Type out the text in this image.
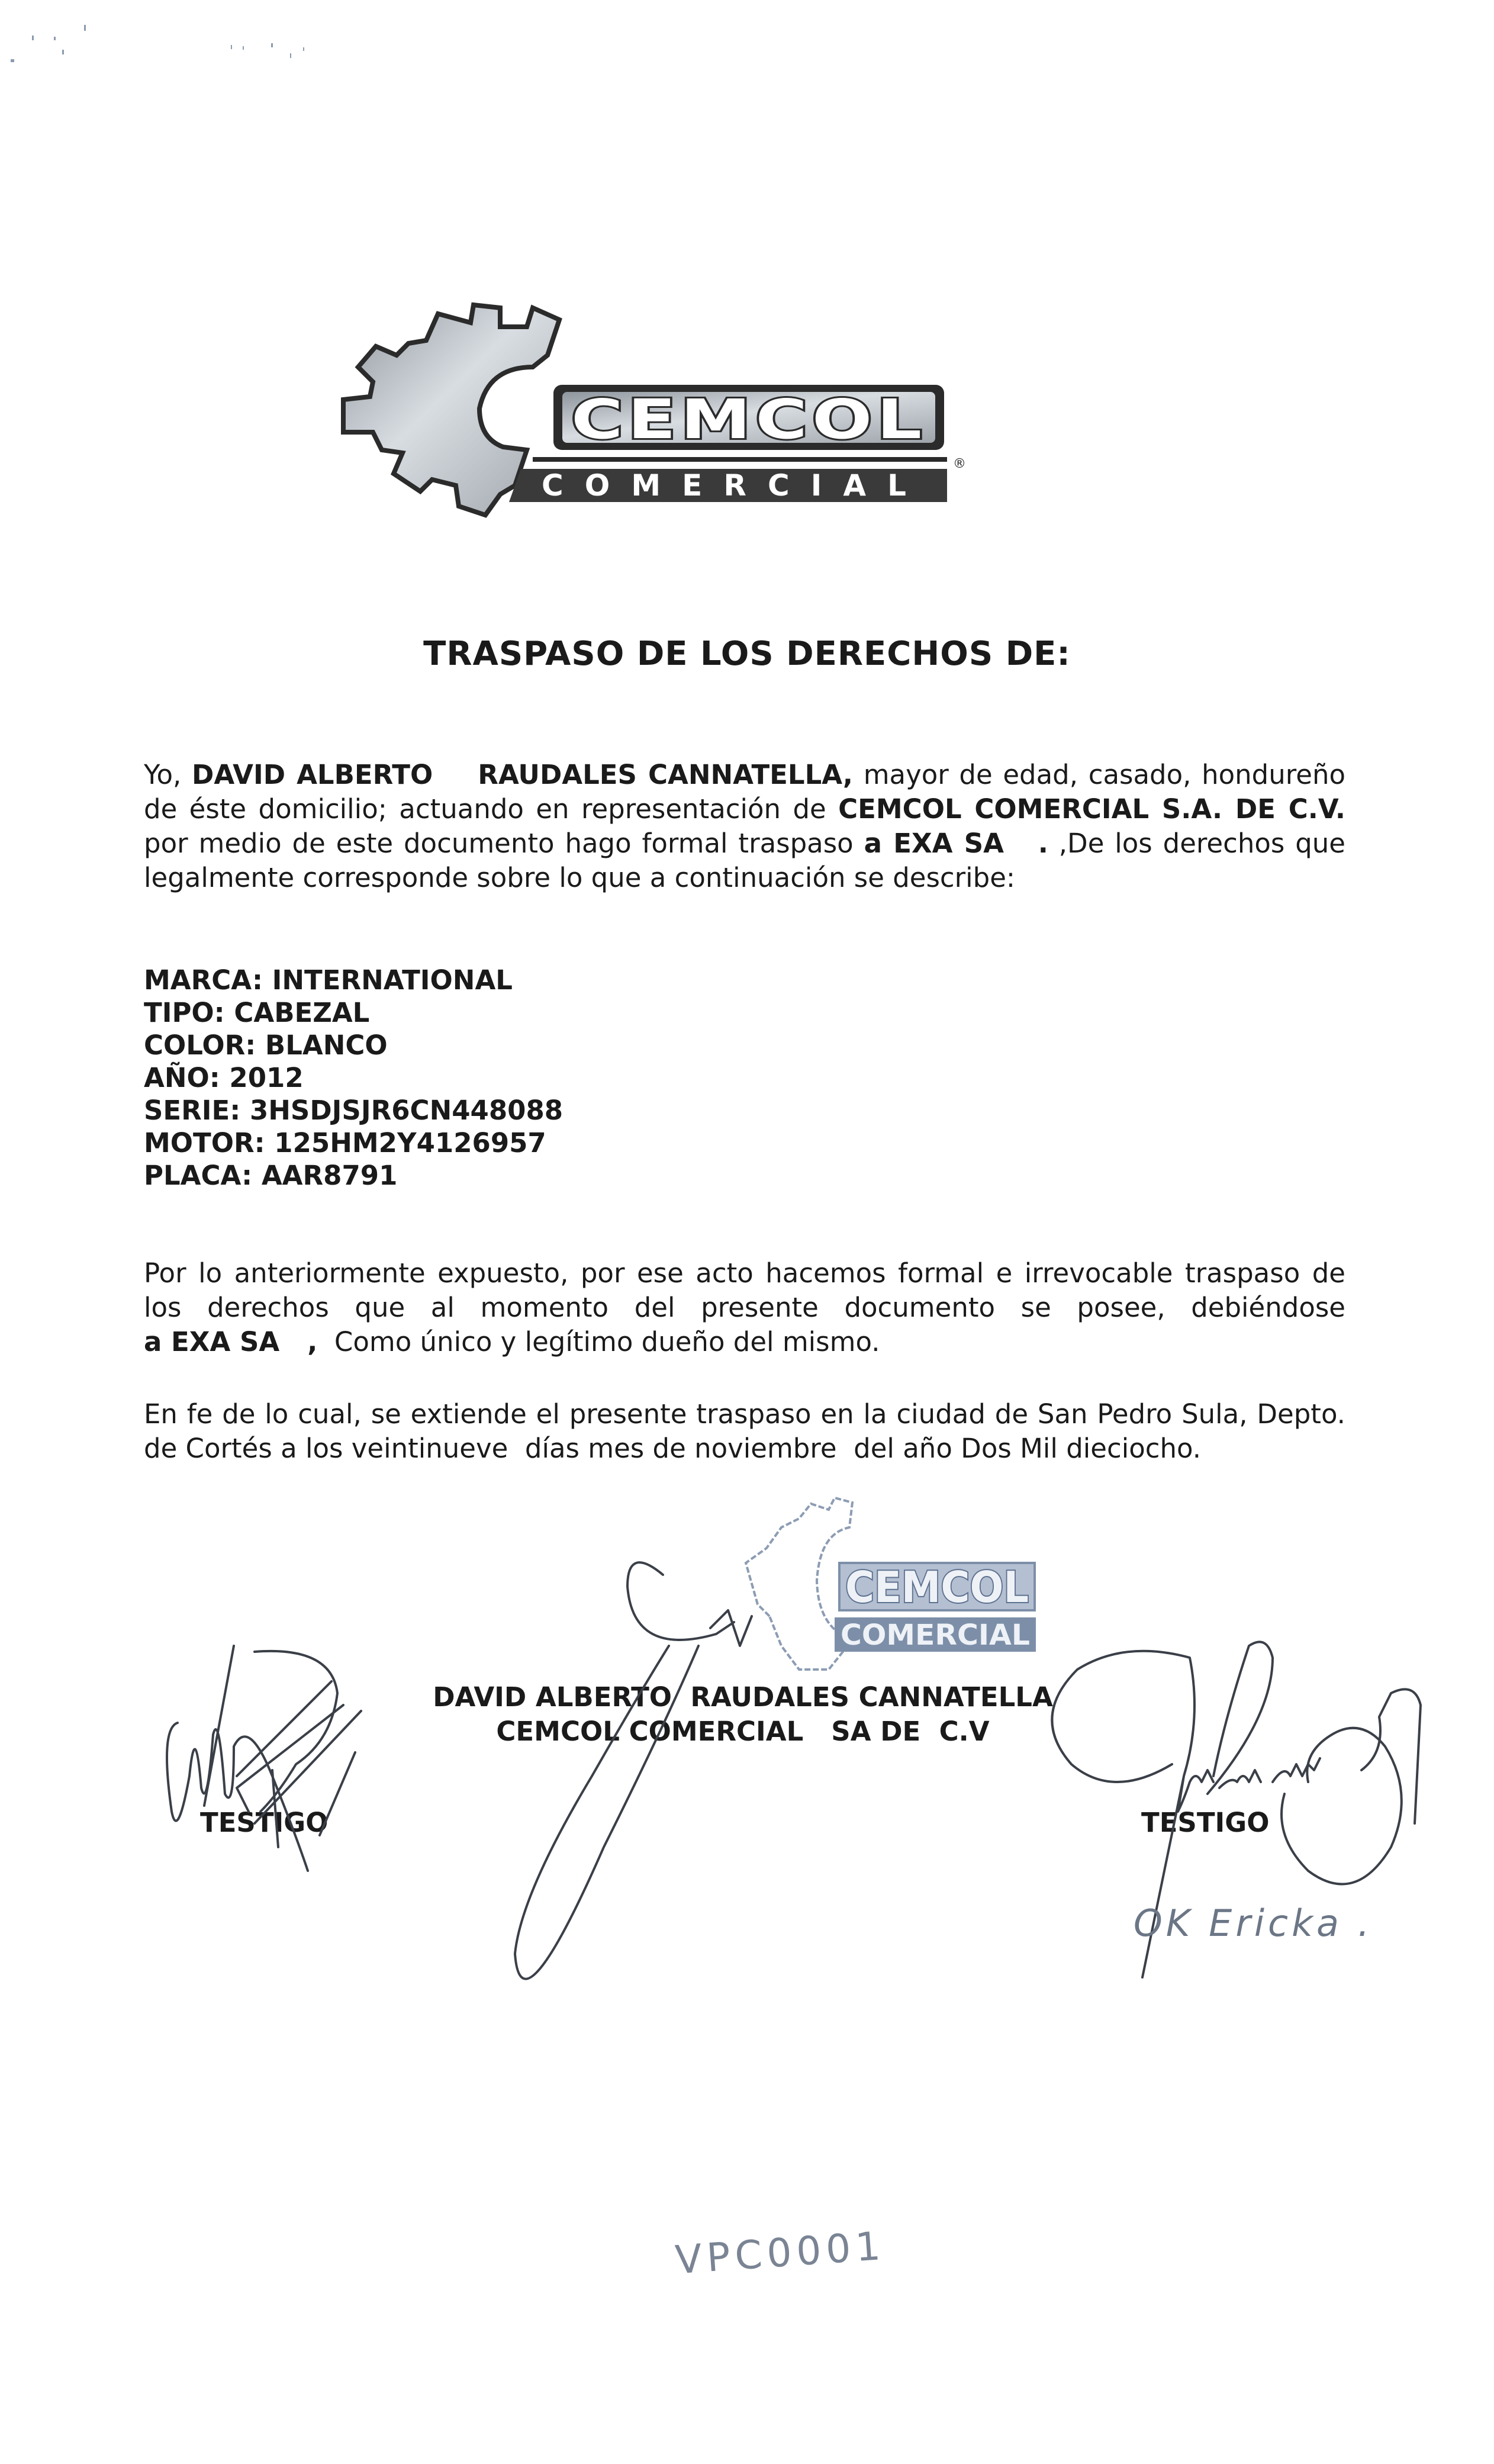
CEMCOL
COMERCIAL
®
TRASPASO DE LOS DERECHOS DE:
Yo, DAVID ALBERTO    RAUDALES CANNATELLA, mayor de edad, casado, hondureño de éste domicilio; actuando en representación de CEMCOL COMERCIAL S.A. DE C.V. por medio de este documento hago formal traspaso a EXA SA   . ,De los derechos que legalmente corresponde sobre lo que a continuación se describe:
MARCA: INTERNATIONAL
TIPO: CABEZAL
COLOR: BLANCO
AÑO: 2012
SERIE: 3HSDJSJR6CN448088
MOTOR: 125HM2Y4126957
PLACA: AAR8791
Por lo anteriormente expuesto, por ese acto hacemos formal e irrevocable traspaso de los derechos que al momento del presente documento se posee, debiéndose a EXA SA   ,  Como único y legítimo dueño del mismo.
En fe de lo cual, se extiende el presente traspaso en la ciudad de San Pedro Sula, Depto. de Cortés a los veintinueve  días mes de noviembre  del año Dos Mil dieciocho.
CEMCOL
COMERCIAL
DAVID ALBERTO  RAUDALES CANNATELLA
CEMCOL COMERCIAL   SA DE  C.V
TESTIGO	TESTIGO
OK Ericka .
VPC0001
